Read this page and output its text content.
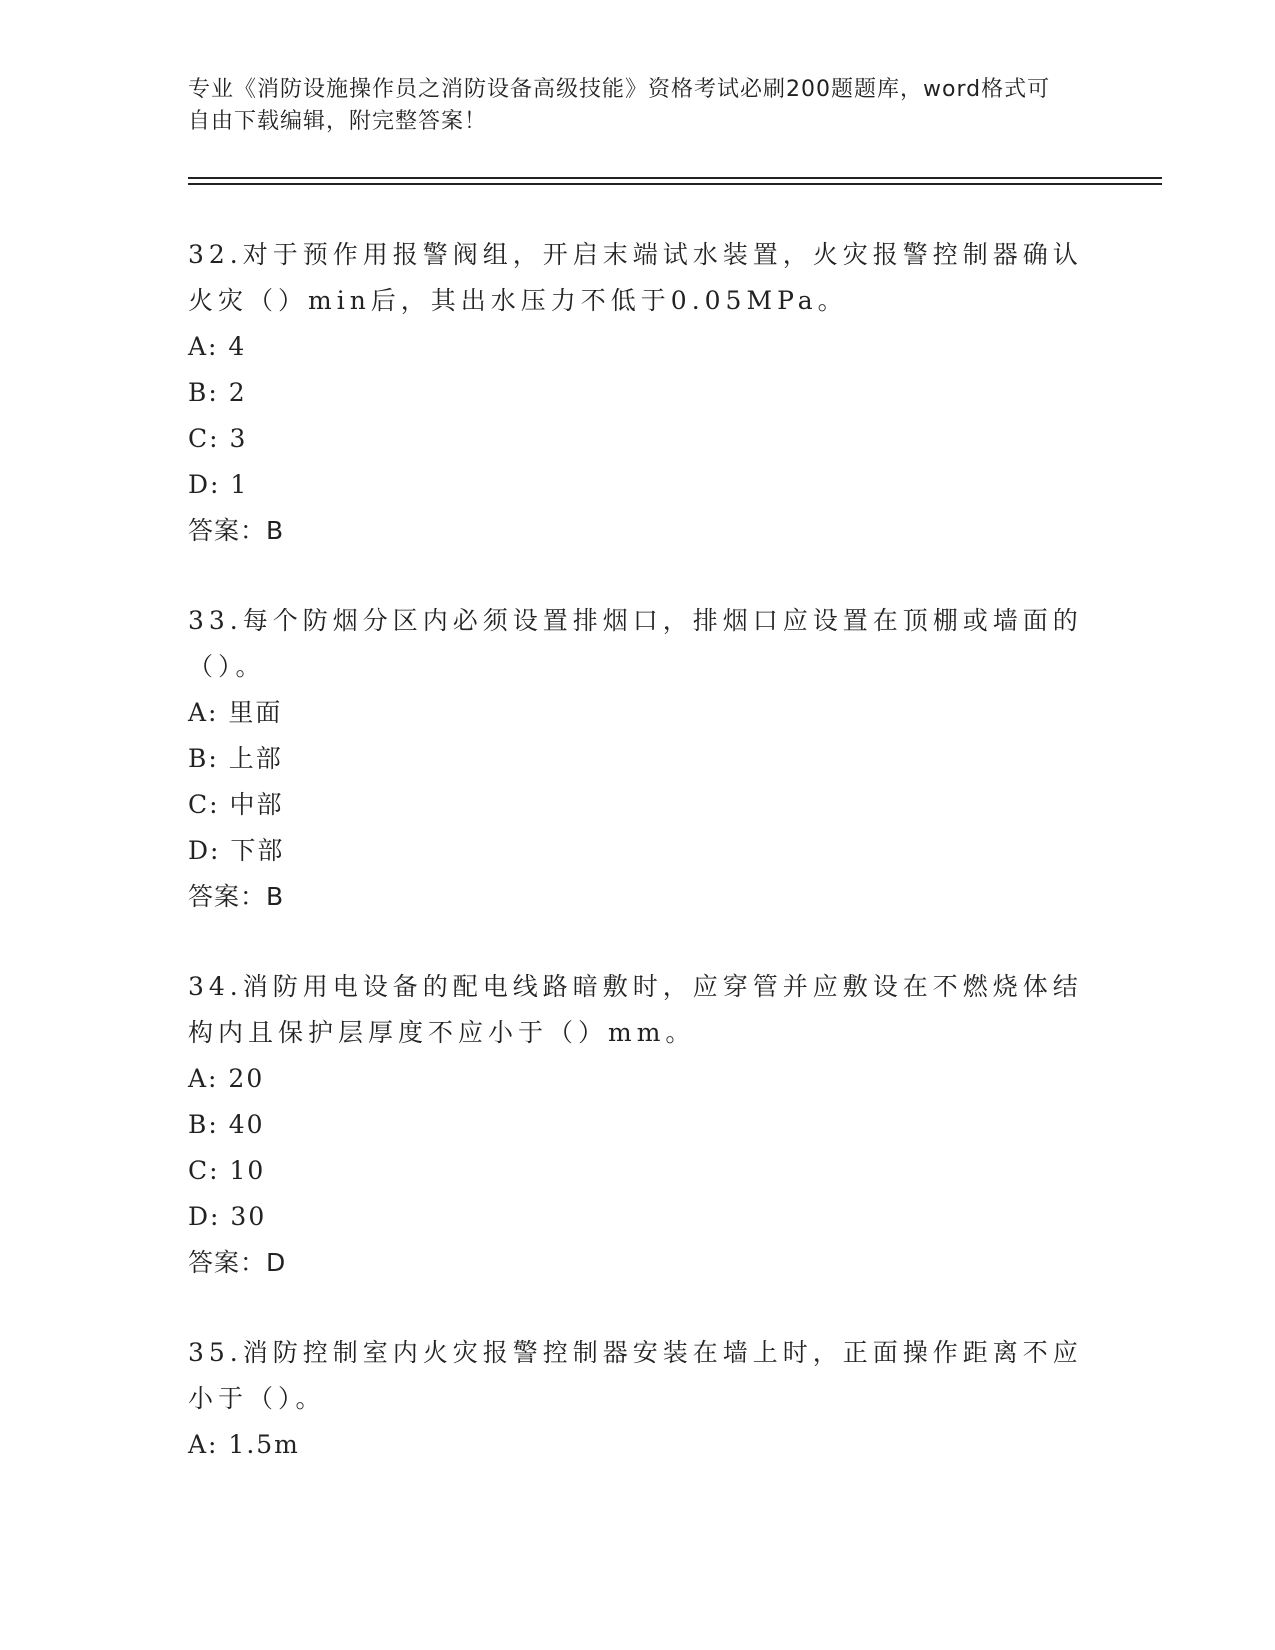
专业《消防设施操作员之消防设备高级技能》资格考试必刷200题题库，word格式可自由下载编辑，附完整答案！

32.对于预作用报警阀组，开启末端试水装置，火灾报警控制器确认火灾（）min后，其出水压力不低于0.05MPa。

A: 4

B: 2

C: 3

D: 1

答案：B

33.每个防烟分区内必须设置排烟口，排烟口应设置在顶棚或墙面的（）。

A: 里面

B: 上部

C: 中部

D: 下部

答案：B

34.消防用电设备的配电线路暗敷时，应穿管并应敷设在不燃烧体结构内且保护层厚度不应小于（）mm。

A: 20

B: 40

C: 10

D: 30

答案：D

35.消防控制室内火灾报警控制器安装在墙上时，正面操作距离不应小于（）。

A: 1.5m
